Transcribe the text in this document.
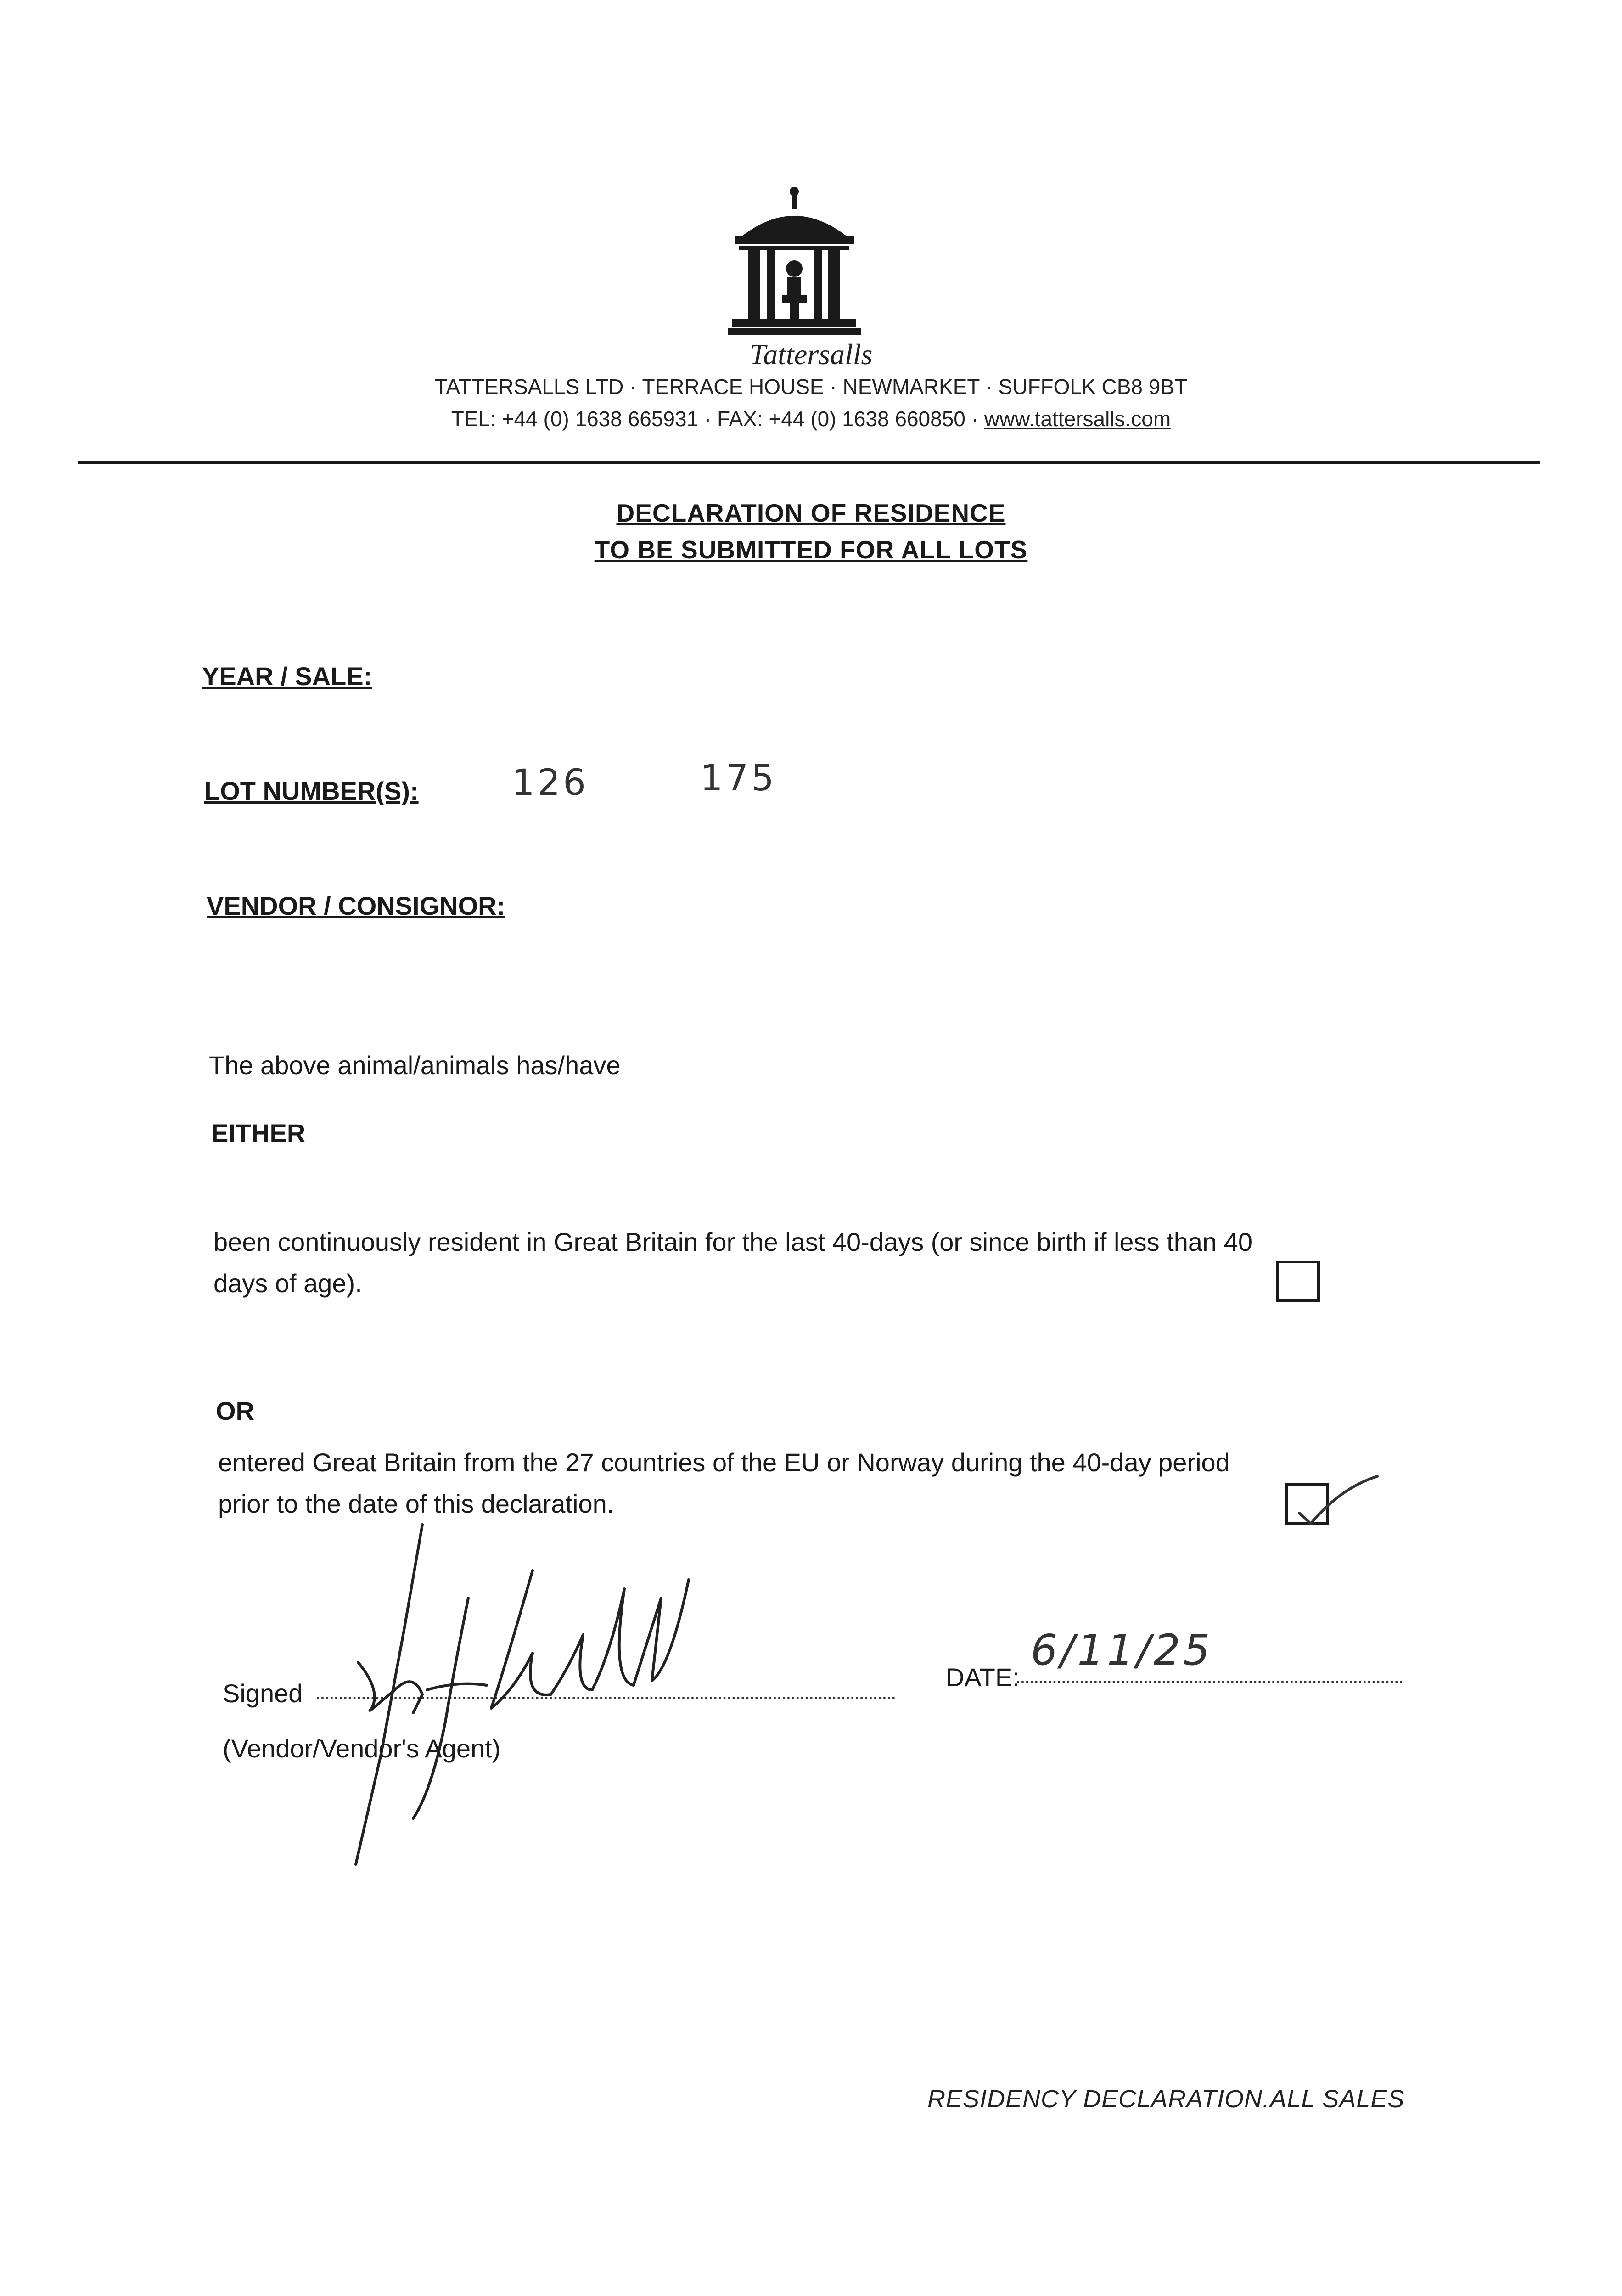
Tattersalls
TATTERSALLS LTD · TERRACE HOUSE · NEWMARKET · SUFFOLK CB8 9BT
TEL: +44 (0) 1638 665931 · FAX: +44 (0) 1638 660850 · www.tattersalls.com
DECLARATION OF RESIDENCE
TO BE SUBMITTED FOR ALL LOTS
YEAR / SALE:
LOT NUMBER(S):	126	175
VENDOR / CONSIGNOR:
The above animal/animals has/have
EITHER
been continuously resident in Great Britain for the last 40-days (or since birth if less than 40
days of age).
OR
entered Great Britain from the 27 countries of the EU or Norway during the 40-day period
prior to the date of this declaration.
Signed
(Vendor/Vendor's Agent)
DATE:
6/11/25
RESIDENCY DECLARATION.ALL SALES
